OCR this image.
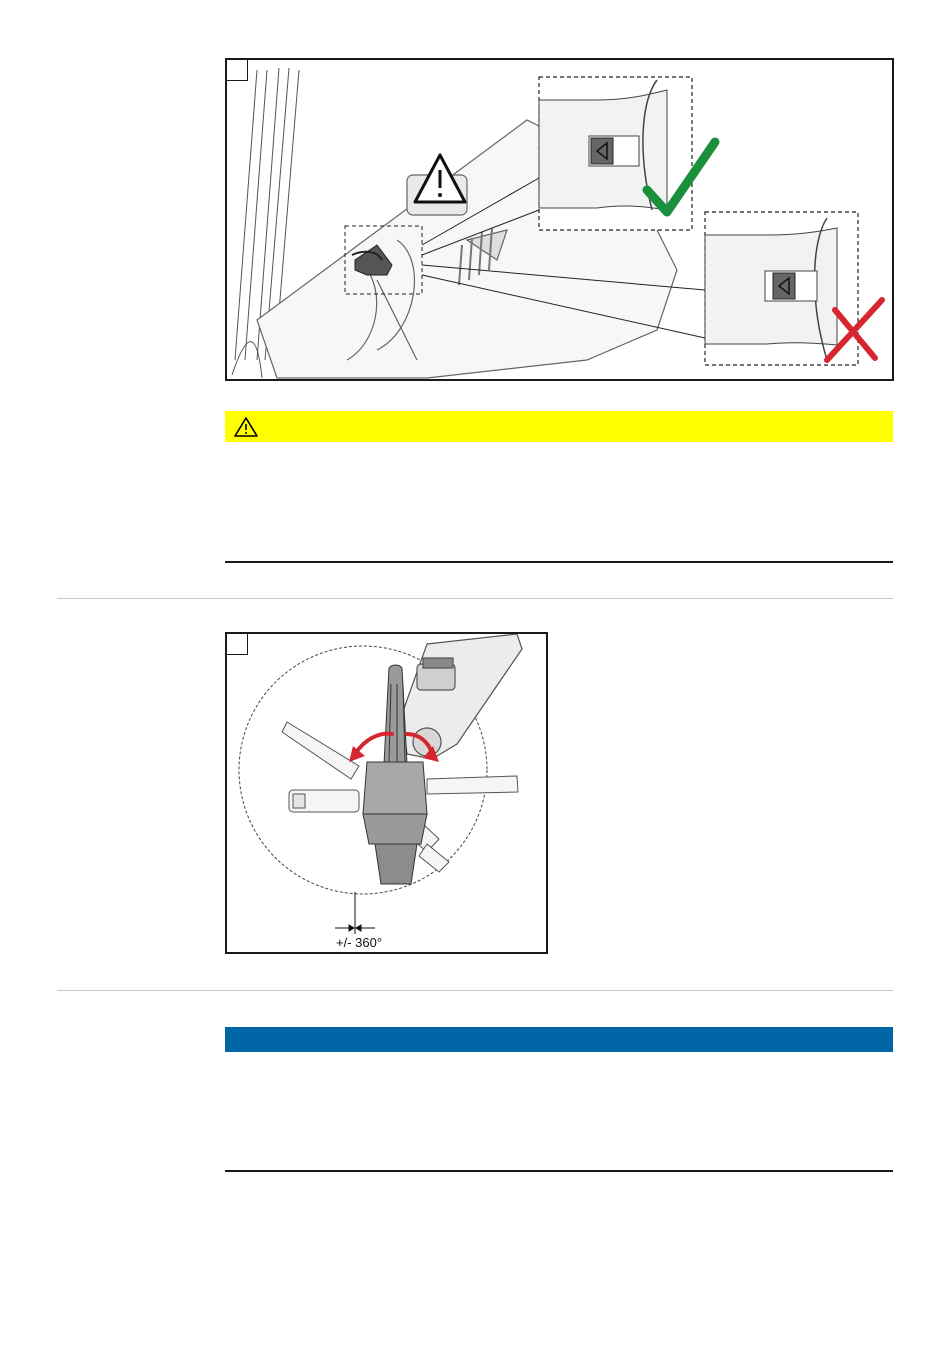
+/- 360°
